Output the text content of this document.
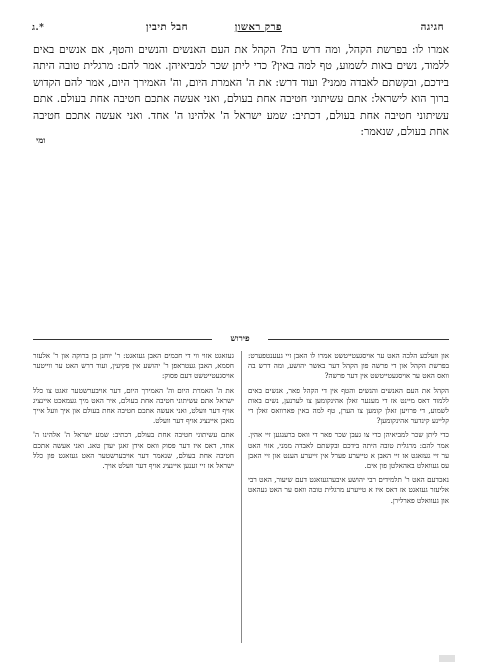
חגיגה
פרק ראשון
חבל תיבין
ג.*

אמרו לו: בפרשת הקהל, ומה דרש בה? הקהל את העם האנשים והנשים והטף, אם אנשים באים ללמוד, נשים באות לשמוע, טף למה באין? כדי ליתן שכר למביאיהן. אמר להם: מרגלית טובה היתה בידכם, ובקשתם לאבדה ממני? ועוד דרש: את ה' האמרת היום, וה' האמירך היום, אמר להם הקדוש ברוך הוא לישראל: אתם עשיתוני חטיבה אחת בעולם, ואני אעשה אתכם חטיבה אחת בעולם. אתם עשיתוני חטיבה אחת בעולם, דכתיב: שמע ישראל ה' אלהינו ה' אחד. ואני אעשה אתכם חטיבה אחת בעולם, שנאמר:

ומי
פירוש

און וועלכע הלכה האט ער אויסגעטייטשט אמרו לו האבן זיי געענטפערט: בפרשת הקהל און די פרשה פון הקהל דער באשר יהושע, ומה דרש בה וואס האט ער אויסגעטייטשט אין דער פרשה?

הקהל את העם האנשים והנשים והטף אין די הקהל פאר, אנשים באים ללמוד דאס מיינט אז די מענער זאלן אהינקומען צו לערנען, נשים באות לשמוע, די פרויען זאלן קומען צו הערן, טף למה באין פארוואס זאלן די קליינע קינדער אהינקומען?

כדי ליתן שכר למביאיהן כדי צו געבן שכר פאר די וואס ברענגען זיי אהין. אמר להם: מרגלית טובה היתה בידכם ובקשתם לאבדה ממני, אזוי האט ער זיי געזאגט אז זיי האבן א טייערע פערל אין זייערע הענט און זיי האבן עס געוואלט באהאלטן פון אים.

נאכדעם האט ר' תלמידים רבי יהושע איבערגעזאגט דעם שיעור, האט רבי אליעזר געזאגט אז דאס איז א טייערע מרגלית טובה וואס ער האט געהאט און געוואלט פארלירן.

געזאגט אזוי ווי די חכמים האבן געזאגט: ר' יוחנן בן ברוקה און ר' אלעזר חסמא, האבן געטראפן ר' יהושע אין פקיעין, ועוד דרש האט ער ווייטער אויסגעטייטשט דעם פסוק:

את ה' האמרת היום וה' האמירך היום, דער אויבערשטער זאגט צו כלל ישראל אתם עשיתוני חטיבה אחת בעולם, איר האט מיך געמאכט איינציג אויף דער וועלט, ואני אעשה אתכם חטיבה אחת בעולם און איך וועל אייך מאכן איינציג אויף דער וועלט.

אתם עשיתוני חטיבה אחת בעולם, דכתיב: שמע ישראל ה' אלהינו ה' אחד, דאס איז דער פסוק וואס אידן זאגן יעדן טאג. ואני אעשה אתכם חטיבה אחת בעולם, שנאמר דער אויבערשטער האט געזאגט פון כלל ישראל אז זיי זענען איינציג אויף דער וועלט אויך.
